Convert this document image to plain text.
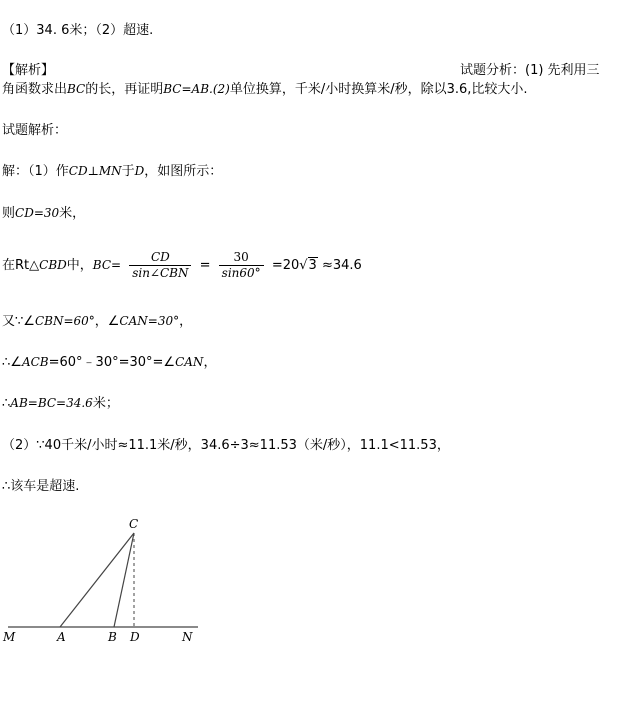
（1）34. 6米；（2）超速.
【解析】	试题分析：(1) 先利用三
角函数求出BC的长，再证明BC=AB.(2)单位换算，千米/小时换算米/秒，除以3.6,比较大小.
试题解析：
解：（1）作CD⊥MN于D，如图所示：
则CD=30米，
在Rt△CBD中，$BC= \frac{CD}{\text{sin∠CBN}} = \frac{30}{\sin 60^\circ} =20√3 \approx 34.6$
又∵∠CBN=60°，∠CAN=30°，
∴∠ACB=60°﹣30°=30°=∠CAN，
∴AB=BC=34.6米；
（2）∵40千米/小时≈11.1米/秒，34.6÷3≈11.53（米/秒），11.1<11.53，
∴该车是超速.
C
M	A	B D	N
